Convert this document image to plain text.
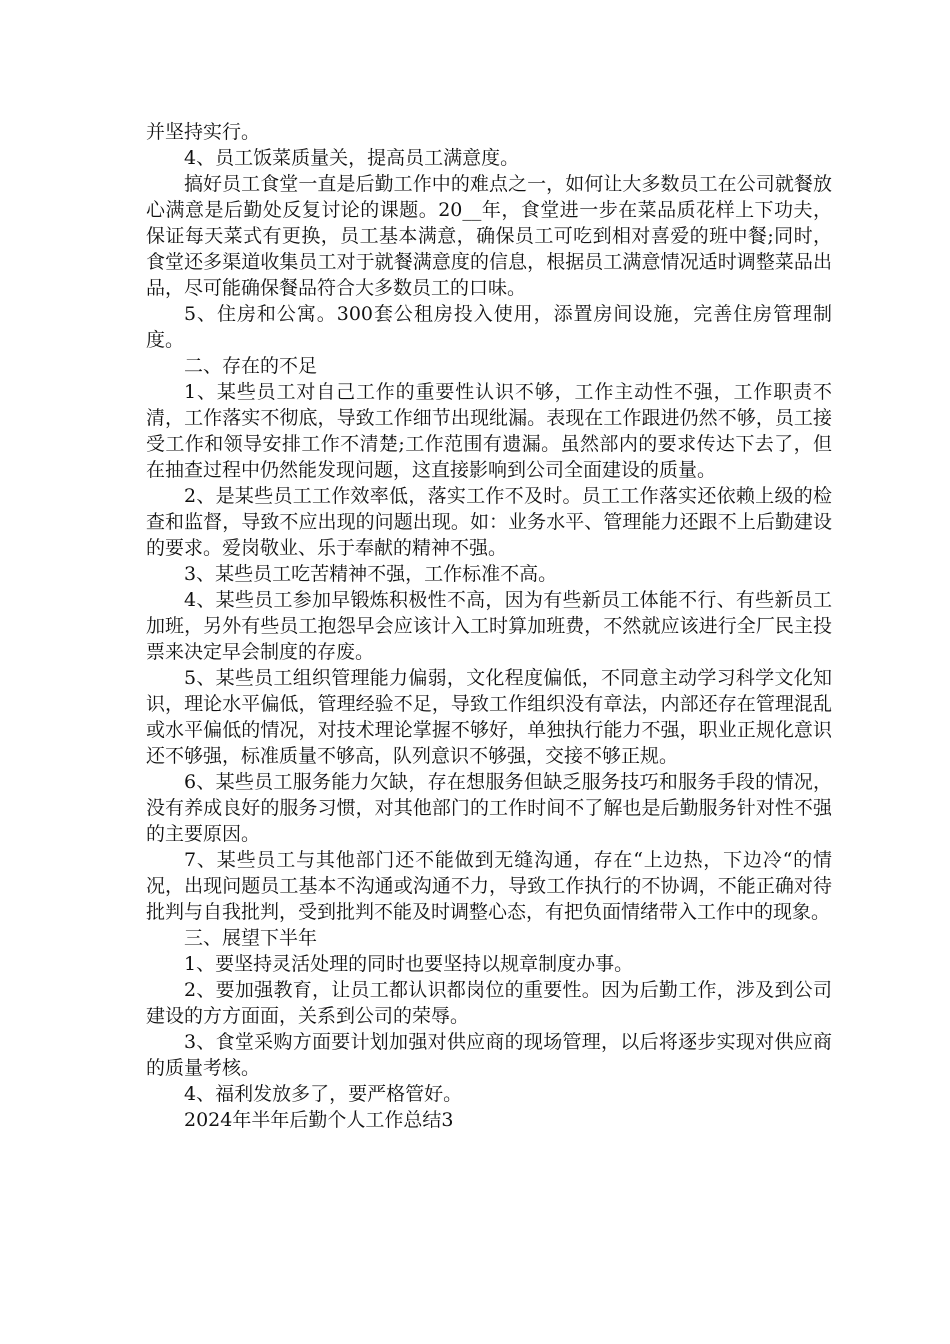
并坚持实行。

4、员工饭菜质量关，提高员工满意度。

搞好员工食堂一直是后勤工作中的难点之一，如何让大多数员工在公司就餐放心满意是后勤处反复讨论的课题。20__年，食堂进一步在菜品质花样上下功夫，保证每天菜式有更换，员工基本满意，确保员工可吃到相对喜爱的班中餐;同时，食堂还多渠道收集员工对于就餐满意度的信息，根据员工满意情况适时调整菜品出品，尽可能确保餐品符合大多数员工的口味。

5、住房和公寓。300套公租房投入使用，添置房间设施，完善住房管理制度。

二、存在的不足

1、某些员工对自己工作的重要性认识不够，工作主动性不强，工作职责不清，工作落实不彻底，导致工作细节出现纰漏。表现在工作跟进仍然不够，员工接受工作和领导安排工作不清楚;工作范围有遗漏。虽然部内的要求传达下去了，但在抽查过程中仍然能发现问题，这直接影响到公司全面建设的质量。

2、是某些员工工作效率低，落实工作不及时。员工工作落实还依赖上级的检查和监督，导致不应出现的问题出现。如：业务水平、管理能力还跟不上后勤建设的要求。爱岗敬业、乐于奉献的精神不强。

3、某些员工吃苦精神不强，工作标准不高。

4、某些员工参加早锻炼积极性不高，因为有些新员工体能不行、有些新员工加班，另外有些员工抱怨早会应该计入工时算加班费，不然就应该进行全厂民主投票来决定早会制度的存废。

5、某些员工组织管理能力偏弱，文化程度偏低，不同意主动学习科学文化知识，理论水平偏低，管理经验不足，导致工作组织没有章法，内部还存在管理混乱或水平偏低的情况，对技术理论掌握不够好，单独执行能力不强，职业正规化意识还不够强，标准质量不够高，队列意识不够强，交接不够正规。

6、某些员工服务能力欠缺，存在想服务但缺乏服务技巧和服务手段的情况，没有养成良好的服务习惯，对其他部门的工作时间不了解也是后勤服务针对性不强的主要原因。

7、某些员工与其他部门还不能做到无缝沟通，存在“上边热，下边冷“的情况，出现问题员工基本不沟通或沟通不力，导致工作执行的不协调，不能正确对待批判与自我批判，受到批判不能及时调整心态，有把负面情绪带入工作中的现象。

三、展望下半年

1、要坚持灵活处理的同时也要坚持以规章制度办事。

2、要加强教育，让员工都认识都岗位的重要性。因为后勤工作，涉及到公司建设的方方面面，关系到公司的荣辱。

3、食堂采购方面要计划加强对供应商的现场管理，以后将逐步实现对供应商的质量考核。

4、福利发放多了，要严格管好。

2024年半年后勤个人工作总结3
